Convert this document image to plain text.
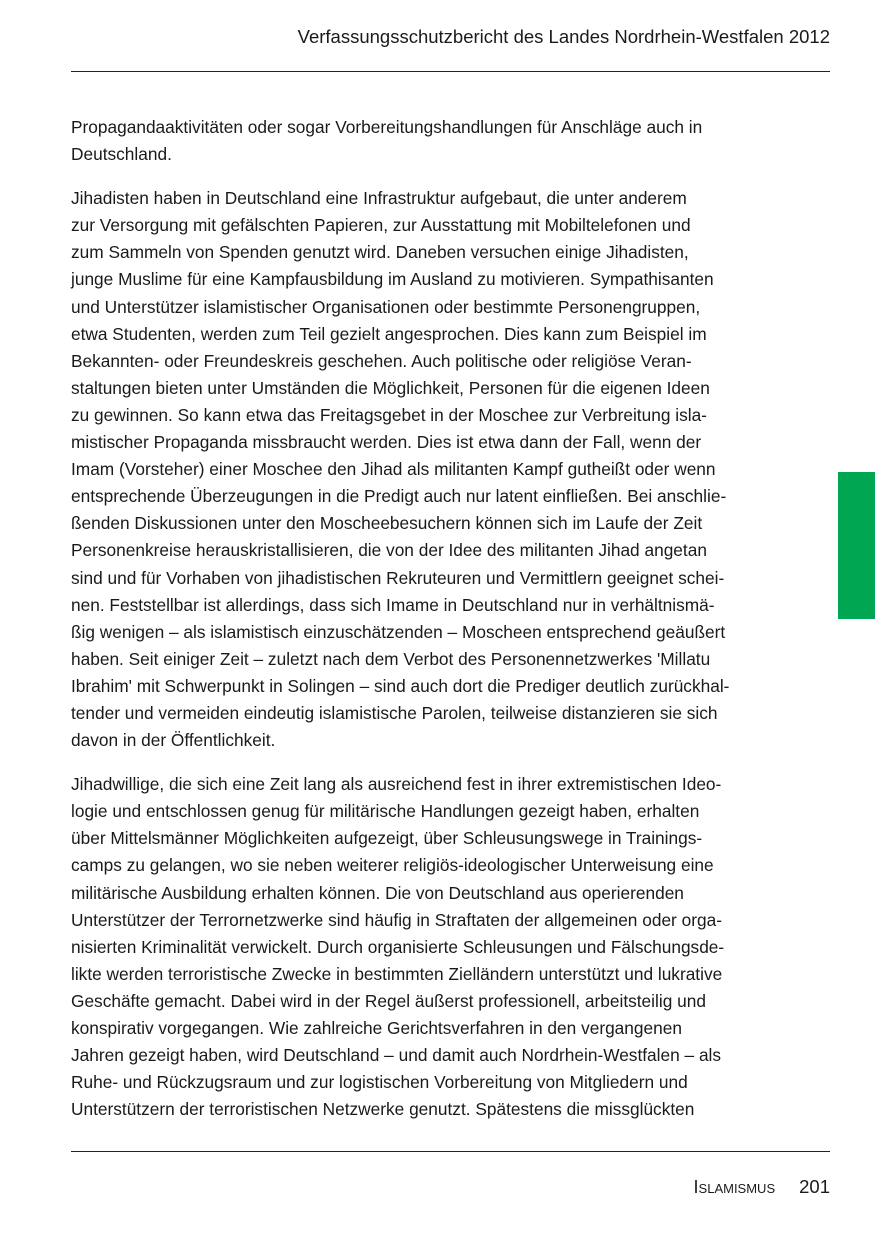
Verfassungsschutzbericht des Landes Nordrhein-Westfalen 2012

Propagandaaktivitäten oder sogar Vorbereitungshandlungen für Anschläge auch in
Deutschland.

Jihadisten haben in Deutschland eine Infrastruktur aufgebaut, die unter anderem
zur Versorgung mit gefälschten Papieren, zur Ausstattung mit Mobiltelefonen und
zum Sammeln von Spenden genutzt wird. Daneben versuchen einige Jihadisten,
junge Muslime für eine Kampfausbildung im Ausland zu motivieren. Sympathisanten
und Unterstützer islamistischer Organisationen oder bestimmte Personengruppen,
etwa Studenten, werden zum Teil gezielt angesprochen. Dies kann zum Beispiel im
Bekannten- oder Freundeskreis geschehen. Auch politische oder religiöse Veran-
staltungen bieten unter Umständen die Möglichkeit, Personen für die eigenen Ideen
zu gewinnen. So kann etwa das Freitagsgebet in der Moschee zur Verbreitung isla-
mistischer Propaganda missbraucht werden. Dies ist etwa dann der Fall, wenn der
Imam (Vorsteher) einer Moschee den Jihad als militanten Kampf gutheißt oder wenn
entsprechende Überzeugungen in die Predigt auch nur latent einfließen. Bei anschlie-
ßenden Diskussionen unter den Moscheebesuchern können sich im Laufe der Zeit
Personenkreise herauskristallisieren, die von der Idee des militanten Jihad angetan
sind und für Vorhaben von jihadistischen Rekruteuren und Vermittlern geeignet schei-
nen. Feststellbar ist allerdings, dass sich Imame in Deutschland nur in verhältnismä-
ßig wenigen – als islamistisch einzuschätzenden – Moscheen entsprechend geäußert
haben. Seit einiger Zeit – zuletzt nach dem Verbot des Personennetzwerkes 'Millatu
Ibrahim' mit Schwerpunkt in Solingen – sind auch dort die Prediger deutlich zurückhal-
tender und vermeiden eindeutig islamistische Parolen, teilweise distanzieren sie sich
davon in der Öffentlichkeit.

Jihadwillige, die sich eine Zeit lang als ausreichend fest in ihrer extremistischen Ideo-
logie und entschlossen genug für militärische Handlungen gezeigt haben, erhalten
über Mittelsmänner Möglichkeiten aufgezeigt, über Schleusungswege in Trainings-
camps zu gelangen, wo sie neben weiterer religiös-ideologischer Unterweisung eine
militärische Ausbildung erhalten können. Die von Deutschland aus operierenden
Unterstützer der Terrornetzwerke sind häufig in Straftaten der allgemeinen oder orga-
nisierten Kriminalität verwickelt. Durch organisierte Schleusungen und Fälschungsde-
likte werden terroristische Zwecke in bestimmten Zielländern unterstützt und lukrative
Geschäfte gemacht. Dabei wird in der Regel äußerst professionell, arbeitsteilig und
konspirativ vorgegangen. Wie zahlreiche Gerichtsverfahren in den vergangenen
Jahren gezeigt haben, wird Deutschland – und damit auch Nordrhein-Westfalen – als
Ruhe- und Rückzugsraum und zur logistischen Vorbereitung von Mitgliedern und
Unterstützern der terroristischen Netzwerke genutzt. Spätestens die missglückten

Islamismus 201
